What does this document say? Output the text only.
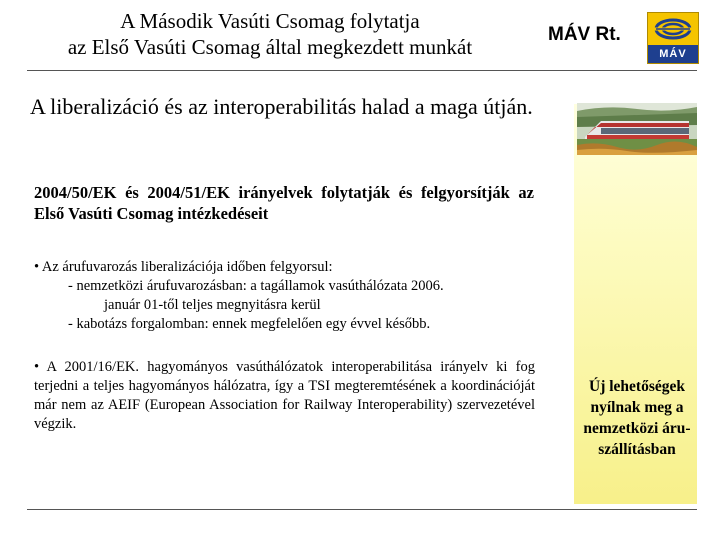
A Második Vasúti Csomag folytatja
az Első Vasúti Csomag által megkezdett munkát
MÁV Rt.
MÁV
A liberalizáció és az interoperabilitás halad a maga útján.
2004/50/EK és 2004/51/EK irányelvek folytatják és felgyorsítják az Első Vasúti Csomag intézkedéseit
• Az árufuvarozás liberalizációja időben felgyorsul:
- nemzetközi árufuvarozásban: a tagállamok vasúthálózata 2006.
január 01-től teljes megnyitásra kerül
- kabotázs forgalomban: ennek megfelelően egy évvel később.
• A 2001/16/EK. hagyományos vasúthálózatok interoperabilitása irányelv ki fog terjedni a teljes hagyományos hálózatra, így a TSI megteremtésének a koordinációját már nem az AEIF (European Association for Railway Interoperability) szervezetével végzik.
Új lehetőségek nyílnak meg a nemzetközi áru-szállításban
